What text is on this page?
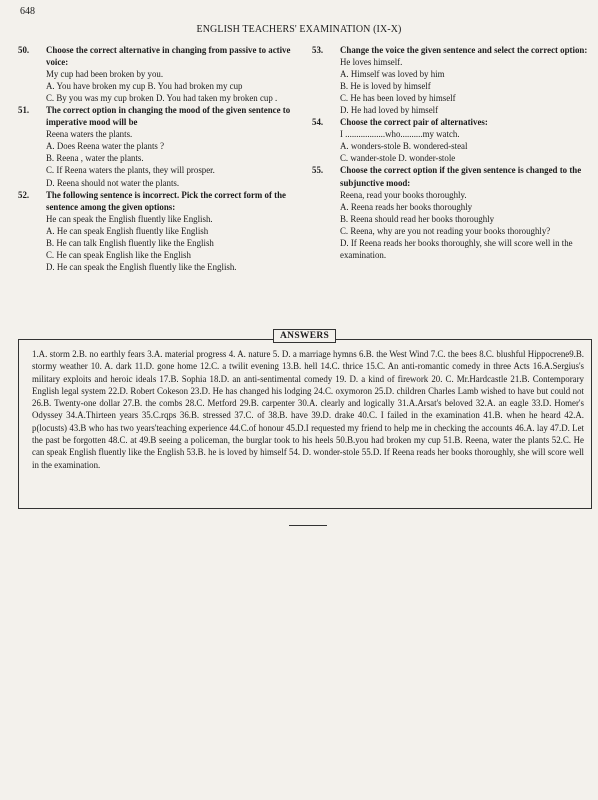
648
ENGLISH TEACHERS' EXAMINATION (IX-X)
50.	Choose the correct alternative in changing from passive to active voice:
My cup had been broken by you.
A. You have broken my cup B. You had broken my cup
C. By you was my cup broken D. You had taken my broken cup .
51.	The correct option in changing the mood of the given sentence to imperative mood will be
Reena waters the plants.
A. Does Reena water the plants ?
B. Reena , water the plants.
C. If Reena waters the plants, they will prosper.
D. Reena should not water the plants.
52.	The following sentence is incorrect. Pick the correct form of the sentence among the given options:
He can speak the English fluently like English.
A. He can speak English fluently like English
B. He can talk English fluently like the English
C. He can speak English like the English
D. He can speak the English fluently like the English.
53.	Change the voice the given sentence and select the correct option:
He loves himself.
A. Himself was loved by him
B. He is loved by himself
C. He has been loved by himself
D. He had loved by himself
54.	Choose the correct pair of alternatives:
I ..................who..........my watch.
A. wonders-stole B. wondered-steal
C. wander-stole D. wonder-stole
55.	Choose the correct option if the given sentence is changed to the subjunctive mood:
Reena, read your books thoroughly.
A. Reena reads her books thoroughly
B. Reena should read her books thoroughly
C. Reena, why are you not reading your books thoroughly?
D. If Reena reads her books thoroughly, she will score well in the examination.
ANSWERS
1.A. storm 2.B. no earthly fears 3.A. material progress 4. A. nature 5. D. a marriage hymns 6.B. the West Wind 7.C. the bees 8.C. blushful Hippocrene9.B. stormy weather 10. A. dark 11.D. gone home 12.C. a twilit evening 13.B. hell 14.C. thrice 15.C. An anti-romantic comedy in three Acts 16.A.Sergius's military exploits and heroic ideals 17.B. Sophia 18.D. an anti-sentimental comedy 19. D. a kind of firework 20. C. Mr.Hardcastle 21.B. Contemporary English legal system 22.D. Robert Cokeson 23.D. He has changed his lodging 24.C. oxymoron 25.D. children Charles Lamb wished to have but could not 26.B. Twenty-one dollar 27.B. the combs 28.C. Metford 29.B. carpenter 30.A. clearly and logically 31.A.Arsat's beloved 32.A. an eagle 33.D. Homer's Odyssey 34.A.Thirteen years 35.C.rqps 36.B. stressed 37.C. of 38.B. have 39.D. drake 40.C. I failed in the examination 41.B. when he heard 42.A. p(locusts) 43.B who has two years'teaching experience 44.C.of honour 45.D.I requested my friend to help me in checking the accounts 46.A. lay 47.D. Let the past be forgotten 48.C. at 49.B seeing a policeman, the burglar took to his heels 50.B.you had broken my cup 51.B. Reena, water the plants 52.C. He can speak English fluently like the English 53.B. he is loved by himself 54. D. wonder-stole 55.D. If Reena reads her books thoroughly, she will score well in the examination.
